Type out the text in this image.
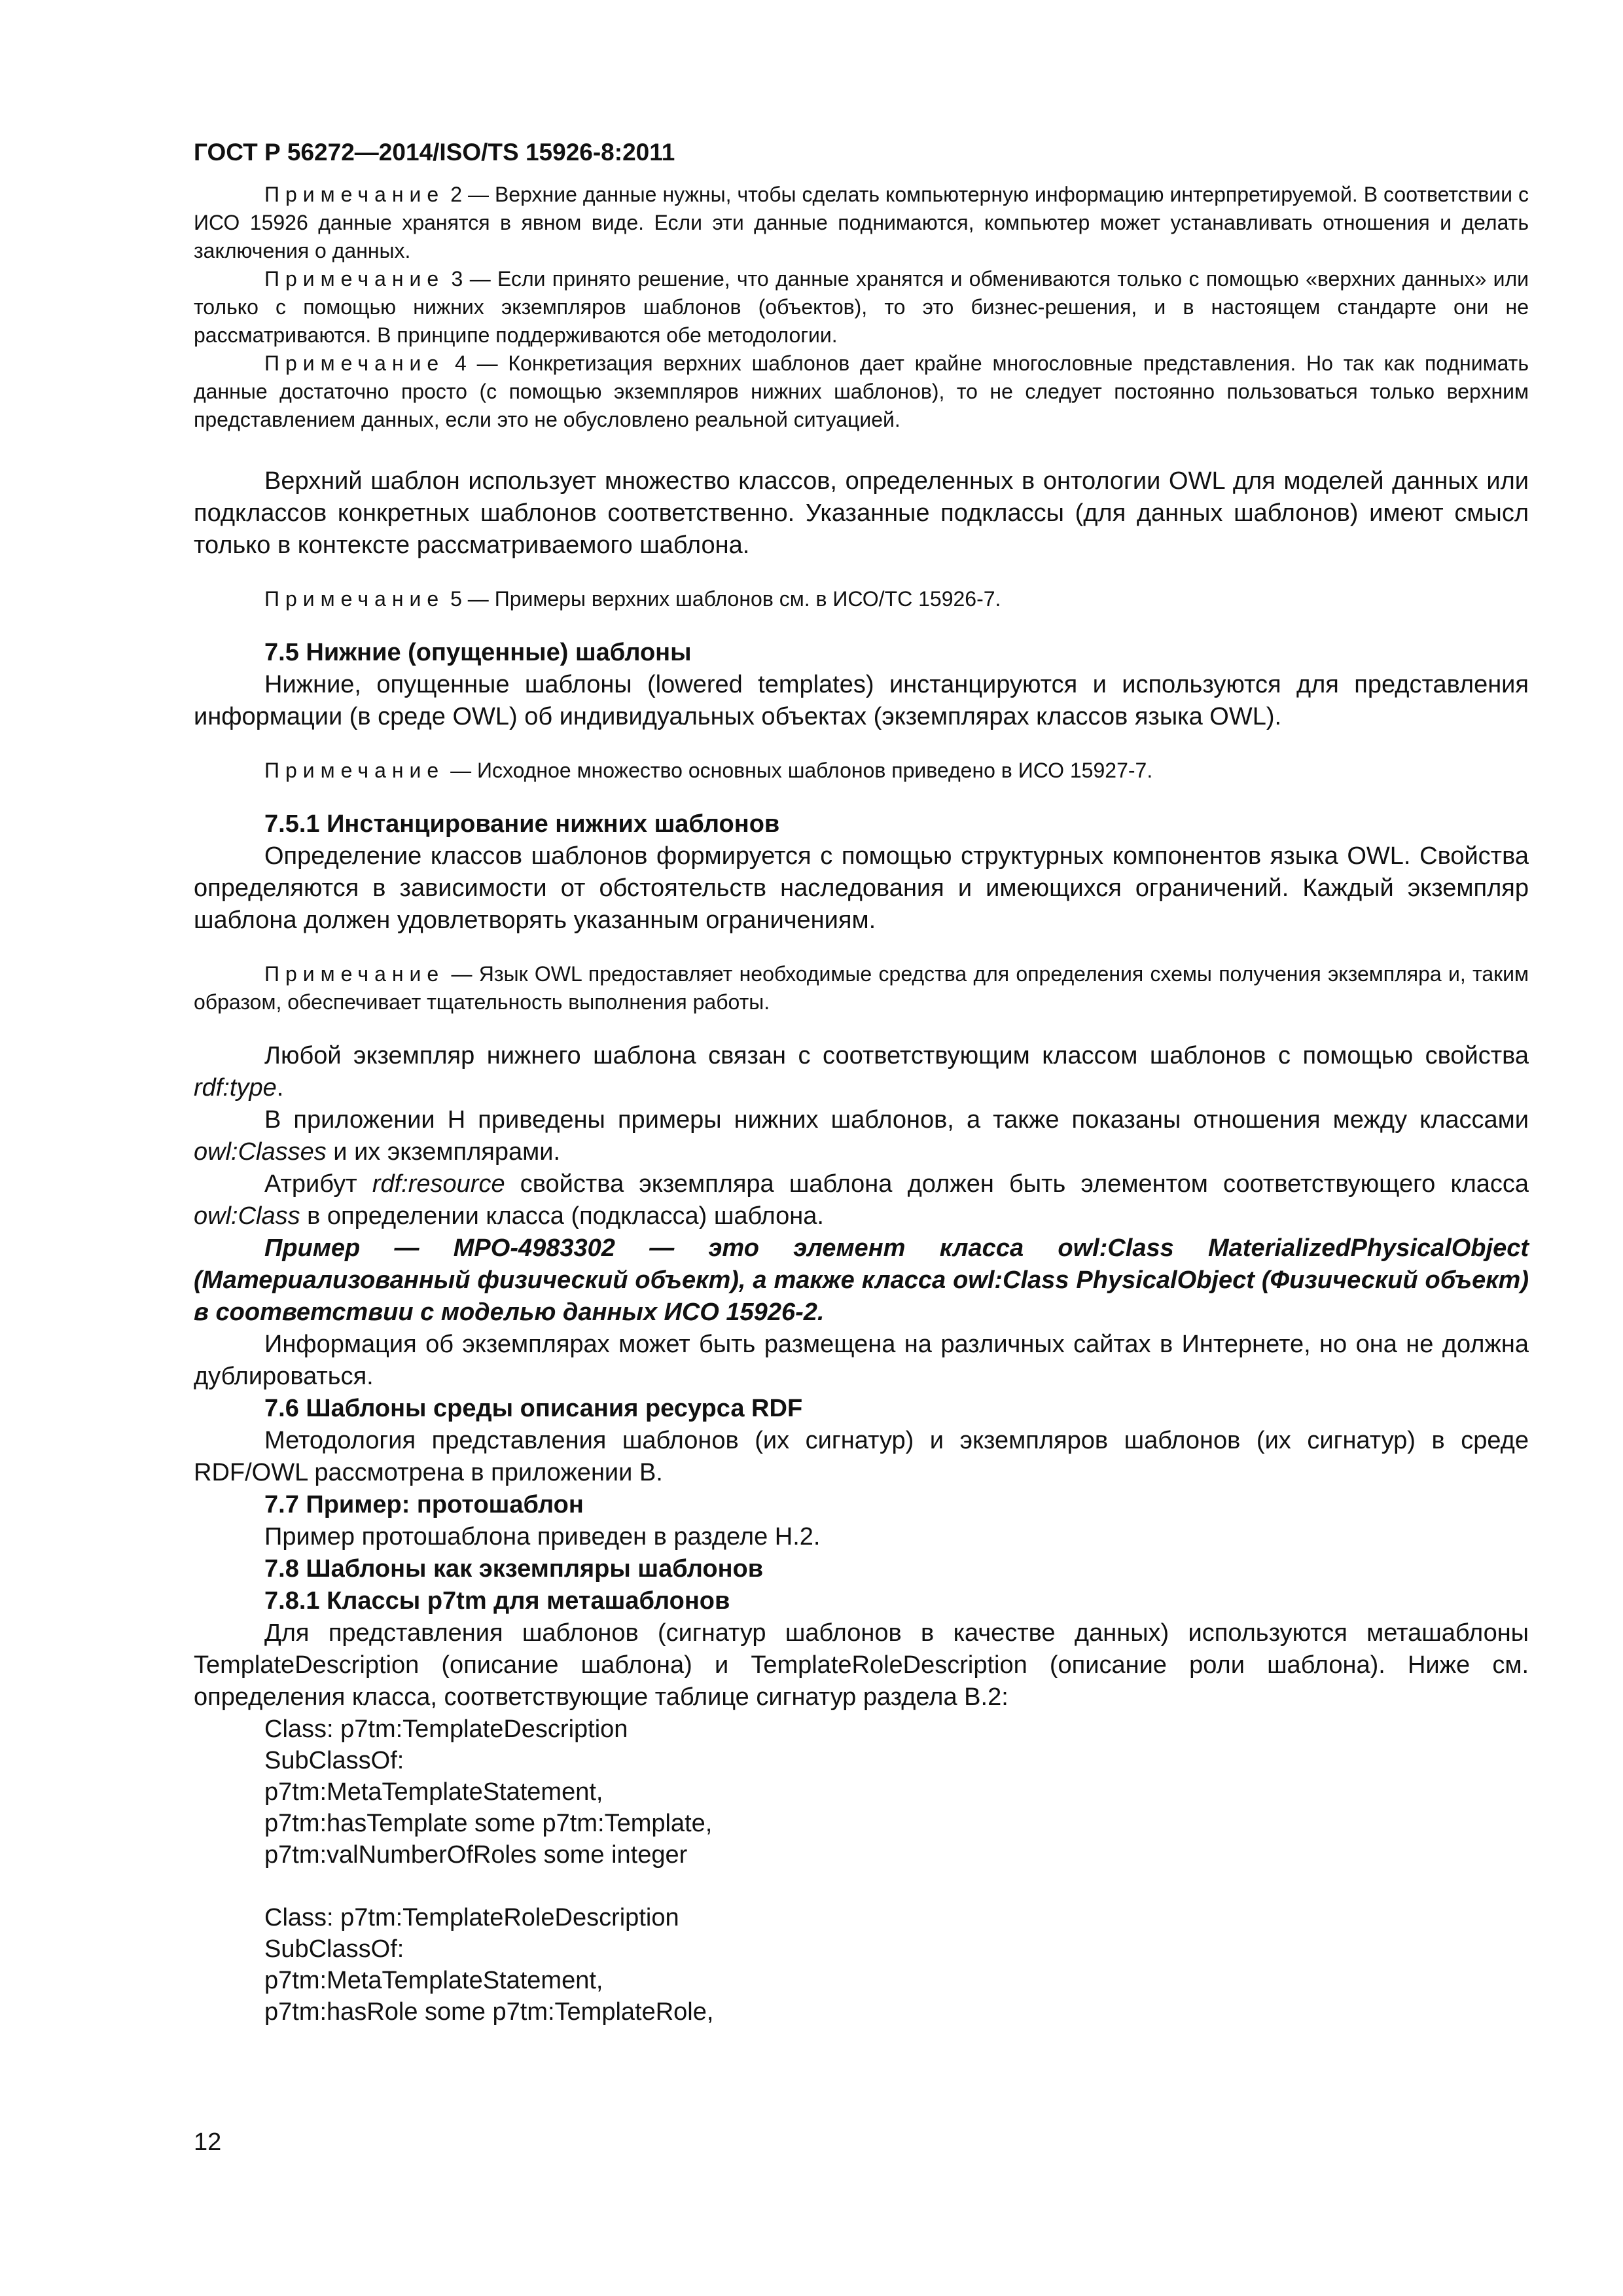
ГОСТ Р 56272—2014/ISO/TS 15926-8:2011

Примечание 2 — Верхние данные нужны, чтобы сделать компьютерную информацию интерпретируемой. В соответствии с ИСО 15926 данные хранятся в явном виде. Если эти данные поднимаются, компьютер может устанавливать отношения и делать заключения о данных.

Примечание 3 — Если принято решение, что данные хранятся и обмениваются только с помощью «верхних данных» или только с помощью нижних экземпляров шаблонов (объектов), то это бизнес-решения, и в настоящем стандарте они не рассматриваются. В принципе поддерживаются обе методологии.

Примечание 4 — Конкретизация верхних шаблонов дает крайне многословные представления. Но так как поднимать данные достаточно просто (с помощью экземпляров нижних шаблонов), то не следует постоянно пользоваться только верхним представлением данных, если это не обусловлено реальной ситуацией.

Верхний шаблон использует множество классов, определенных в онтологии OWL для моделей данных или подклассов конкретных шаблонов соответственно. Указанные подклассы (для данных шаблонов) имеют смысл только в контексте рассматриваемого шаблона.

Примечание 5 — Примеры верхних шаблонов см. в ИСО/ТС 15926-7.

7.5 Нижние (опущенные) шаблоны

Нижние, опущенные шаблоны (lowered templates) инстанцируются и используются для представления информации (в среде OWL) об индивидуальных объектах (экземплярах классов языка OWL).

Примечание — Исходное множество основных шаблонов приведено в ИСО 15927-7.

7.5.1 Инстанцирование нижних шаблонов

Определение классов шаблонов формируется с помощью структурных компонентов языка OWL. Свойства определяются в зависимости от обстоятельств наследования и имеющихся ограничений. Каждый экземпляр шаблона должен удовлетворять указанным ограничениям.

Примечание — Язык OWL предоставляет необходимые средства для определения схемы получения экземпляра и, таким образом, обеспечивает тщательность выполнения работы.

Любой экземпляр нижнего шаблона связан с соответствующим классом шаблонов с помощью свойства rdf:type.

В приложении Н приведены примеры нижних шаблонов, а также показаны отношения между классами owl:Classes и их экземплярами.

Атрибут rdf:resource свойства экземпляра шаблона должен быть элементом соответствующего класса owl:Class в определении класса (подкласса) шаблона.

Пример — MPO-4983302 — это элемент класса owl:Class MaterializedPhysicalObject (Материализованный физический объект), а также класса owl:Class PhysicalObject (Физический объект) в соответствии с моделью данных ИСО 15926-2.

Информация об экземплярах может быть размещена на различных сайтах в Интернете, но она не должна дублироваться.

7.6 Шаблоны среды описания ресурса RDF

Методология представления шаблонов (их сигнатур) и экземпляров шаблонов (их сигнатур) в среде RDF/OWL рассмотрена в приложении В.

7.7 Пример: протошаблон

Пример протошаблона приведен в разделе Н.2.

7.8 Шаблоны как экземпляры шаблонов

7.8.1 Классы p7tm для меташаблонов

Для представления шаблонов (сигнатур шаблонов в качестве данных) используются меташаблоны TemplateDescription (описание шаблона) и TemplateRoleDescription (описание роли шаблона). Ниже см. определения класса, соответствующие таблице сигнатур раздела В.2:

Class: p7tm:TemplateDescription

SubClassOf:

p7tm:MetaTemplateStatement,

p7tm:hasTemplate some p7tm:Template,

p7tm:valNumberOfRoles some integer

Class: p7tm:TemplateRoleDescription

SubClassOf:

p7tm:MetaTemplateStatement,

p7tm:hasRole some p7tm:TemplateRole,

12
